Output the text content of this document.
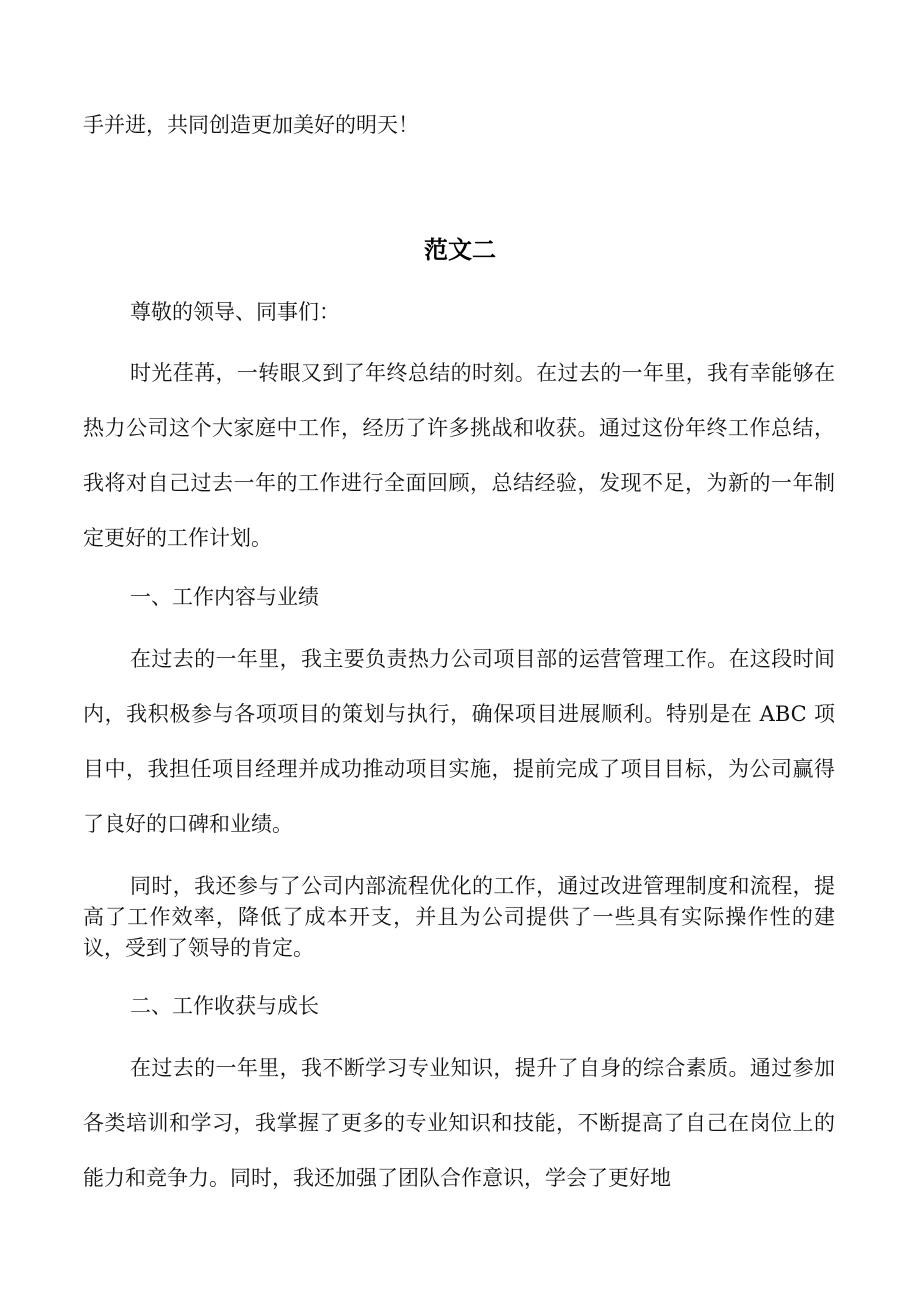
手并进，共同创造更加美好的明天！

范文二

尊敬的领导、同事们：

时光荏苒，一转眼又到了年终总结的时刻。在过去的一年里，我有幸能够在热力公司这个大家庭中工作，经历了许多挑战和收获。通过这份年终工作总结，我将对自己过去一年的工作进行全面回顾，总结经验，发现不足，为新的一年制定更好的工作计划。

一、工作内容与业绩

在过去的一年里，我主要负责热力公司项目部的运营管理工作。在这段时间内，我积极参与各项项目的策划与执行，确保项目进展顺利。特别是在 ABC 项目中，我担任项目经理并成功推动项目实施，提前完成了项目目标，为公司赢得了良好的口碑和业绩。

同时，我还参与了公司内部流程优化的工作，通过改进管理制度和流程，提高了工作效率，降低了成本开支，并且为公司提供了一些具有实际操作性的建议，受到了领导的肯定。

二、工作收获与成长

在过去的一年里，我不断学习专业知识，提升了自身的综合素质。通过参加各类培训和学习，我掌握了更多的专业知识和技能，不断提高了自己在岗位上的能力和竞争力。同时，我还加强了团队合作意识，学会了更好地
